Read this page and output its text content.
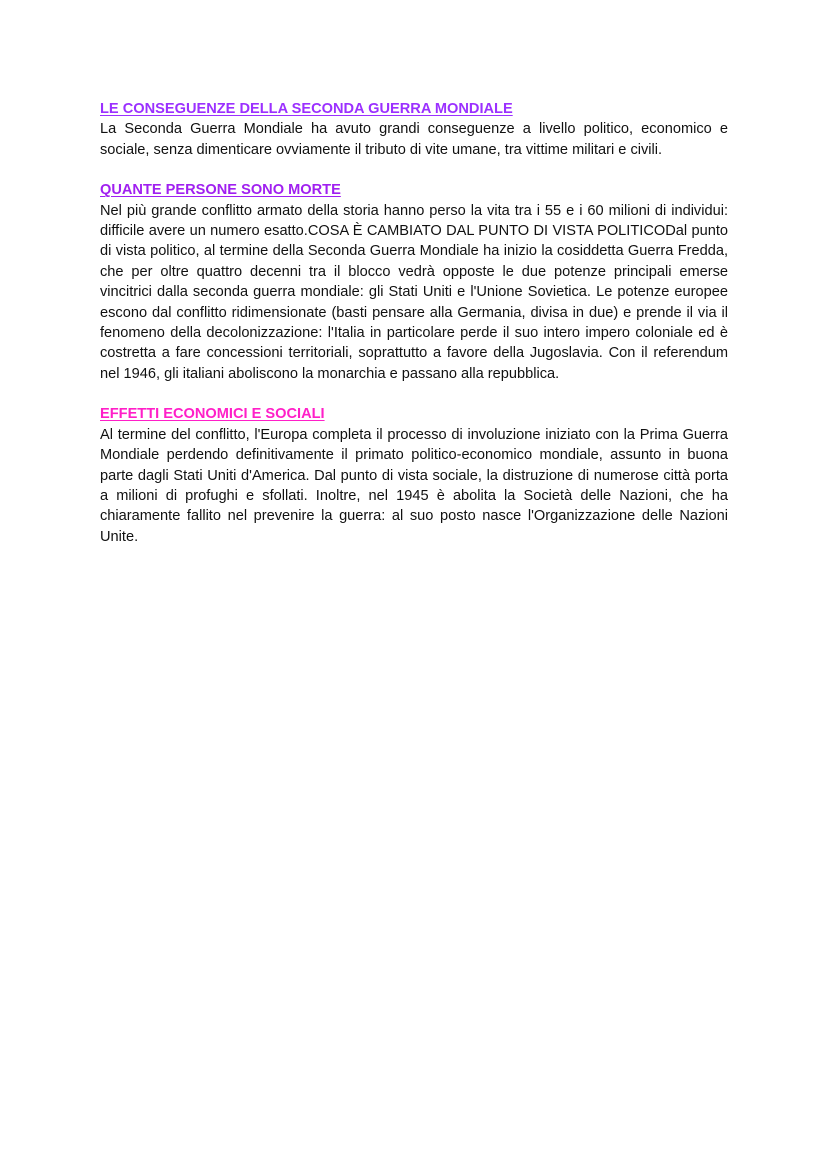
LE CONSEGUENZE DELLA SECONDA GUERRA MONDIALE

La Seconda Guerra Mondiale ha avuto grandi conseguenze a livello politico, economico e sociale, senza dimenticare ovviamente il tributo di vite umane, tra vittime militari e civili.

QUANTE PERSONE SONO MORTE

Nel più grande conflitto armato della storia hanno perso la vita tra i 55 e i 60 milioni di individui: difficile avere un numero esatto.COSA È CAMBIATO DAL PUNTO DI VISTA POLITICODal punto di vista politico, al termine della Seconda Guerra Mondiale ha inizio la cosiddetta Guerra Fredda, che per oltre quattro decenni tra il blocco vedrà opposte le due potenze principali emerse vincitrici dalla seconda guerra mondiale: gli Stati Uniti e l'Unione Sovietica. Le potenze europee escono dal conflitto ridimensionate (basti pensare alla Germania, divisa in due) e prende il via il fenomeno della decolonizzazione: l'Italia in particolare perde il suo intero impero coloniale ed è costretta a fare concessioni territoriali, soprattutto a favore della Jugoslavia. Con il referendum nel 1946, gli italiani aboliscono la monarchia e passano alla repubblica.

EFFETTI ECONOMICI E SOCIALI

Al termine del conflitto, l'Europa completa il processo di involuzione iniziato con la Prima Guerra Mondiale perdendo definitivamente il primato politico-economico mondiale, assunto in buona parte dagli Stati Uniti d'America. Dal punto di vista sociale, la distruzione di numerose città porta a milioni di profughi e sfollati. Inoltre, nel 1945 è abolita la Società delle Nazioni, che ha chiaramente fallito nel prevenire la guerra: al suo posto nasce l'Organizzazione delle Nazioni Unite.
